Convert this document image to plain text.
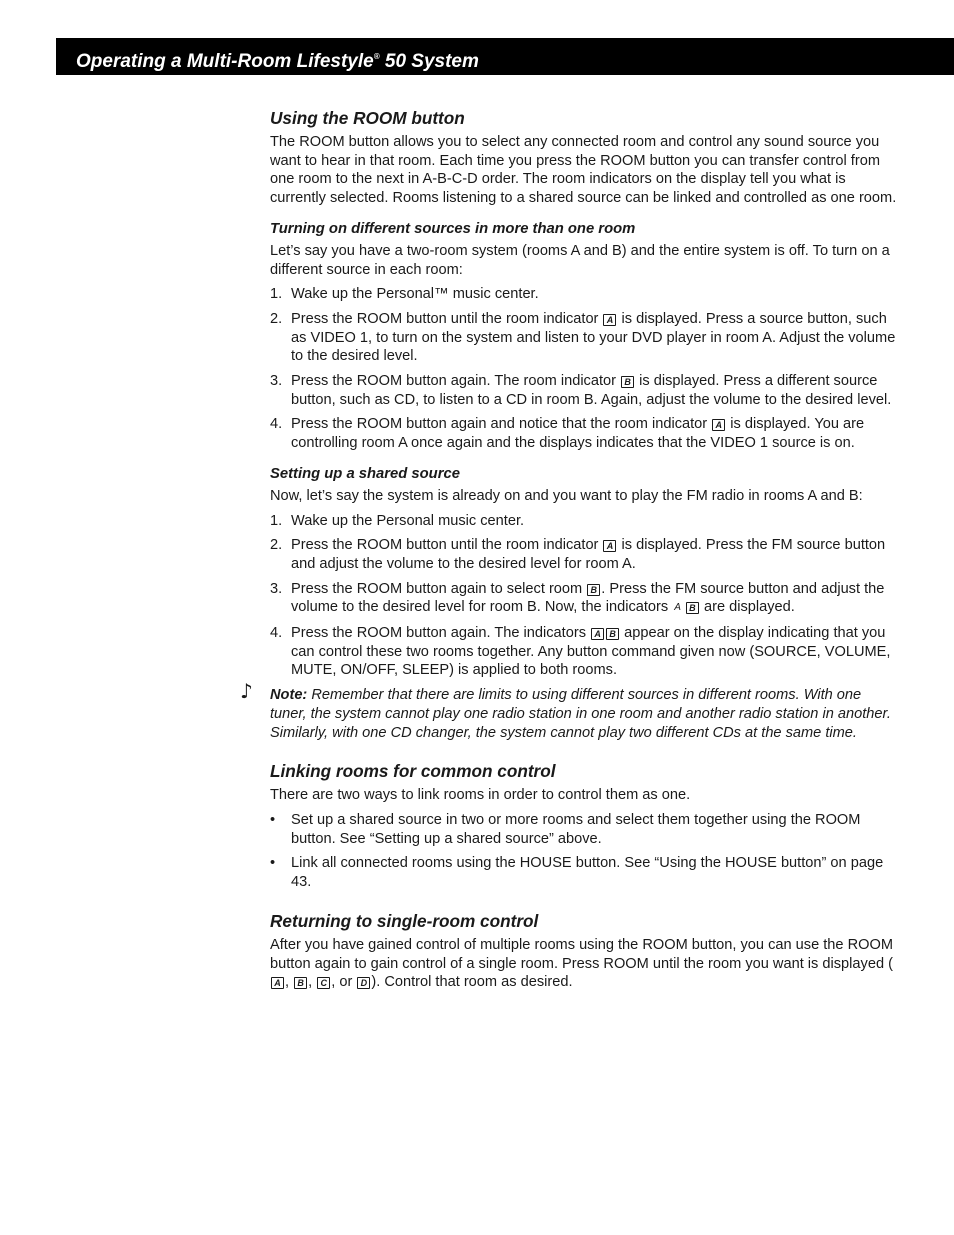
Operating a Multi-Room Lifestyle® 50 System
Using the ROOM button

The ROOM button allows you to select any connected room and control any sound source you want to hear in that room. Each time you press the ROOM button you can transfer control from one room to the next in A-B-C-D order. The room indicators on the display tell you what is currently selected. Rooms listening to a shared source can be linked and controlled as one room.

Turning on different sources in more than one room

Let’s say you have a two-room system (rooms A and B) and the entire system is off. To turn on a different source in each room:

1. Wake up the Personal™ music center.
2. Press the ROOM button until the room indicator A is displayed. Press a source button, such as VIDEO 1, to turn on the system and listen to your DVD player in room A. Adjust the volume to the desired level.
3. Press the ROOM button again. The room indicator B is displayed. Press a different source button, such as CD, to listen to a CD in room B. Again, adjust the volume to the desired level.
4. Press the ROOM button again and notice that the room indicator A is displayed. You are controlling room A once again and the displays indicates that the VIDEO 1 source is on.
Setting up a shared source

Now, let’s say the system is already on and you want to play the FM radio in rooms A and B:

1. Wake up the Personal music center.
2. Press the ROOM button until the room indicator A is displayed. Press the FM source button and adjust the volume to the desired level for room A.
3. Press the ROOM button again to select room B . Press the FM source button and adjust the volume to the desired level for room B. Now, the indicators A B are displayed.
4. Press the ROOM button again. The indicators A B appear on the display indicating that you can control these two rooms together. Any button command given now (SOURCE, VOLUME, MUTE, ON/OFF, SLEEP) is applied to both rooms.

♪ Note: Remember that there are limits to using different sources in different rooms. With one tuner, the system cannot play one radio station in one room and another radio station in another. Similarly, with one CD changer, the system cannot play two different CDs at the same time.

Linking rooms for common control

There are two ways to link rooms in order to control them as one.

• Set up a shared source in two or more rooms and select them together using the ROOM button. See “Setting up a shared source” above.
• Link all connected rooms using the HOUSE button. See “Using the HOUSE button” on page 43.
Returning to single-room control

After you have gained control of multiple rooms using the ROOM button, you can use the ROOM button again to gain control of a single room. Press ROOM until the room you want is displayed (A , B , C , or D ). Control that room as desired.
